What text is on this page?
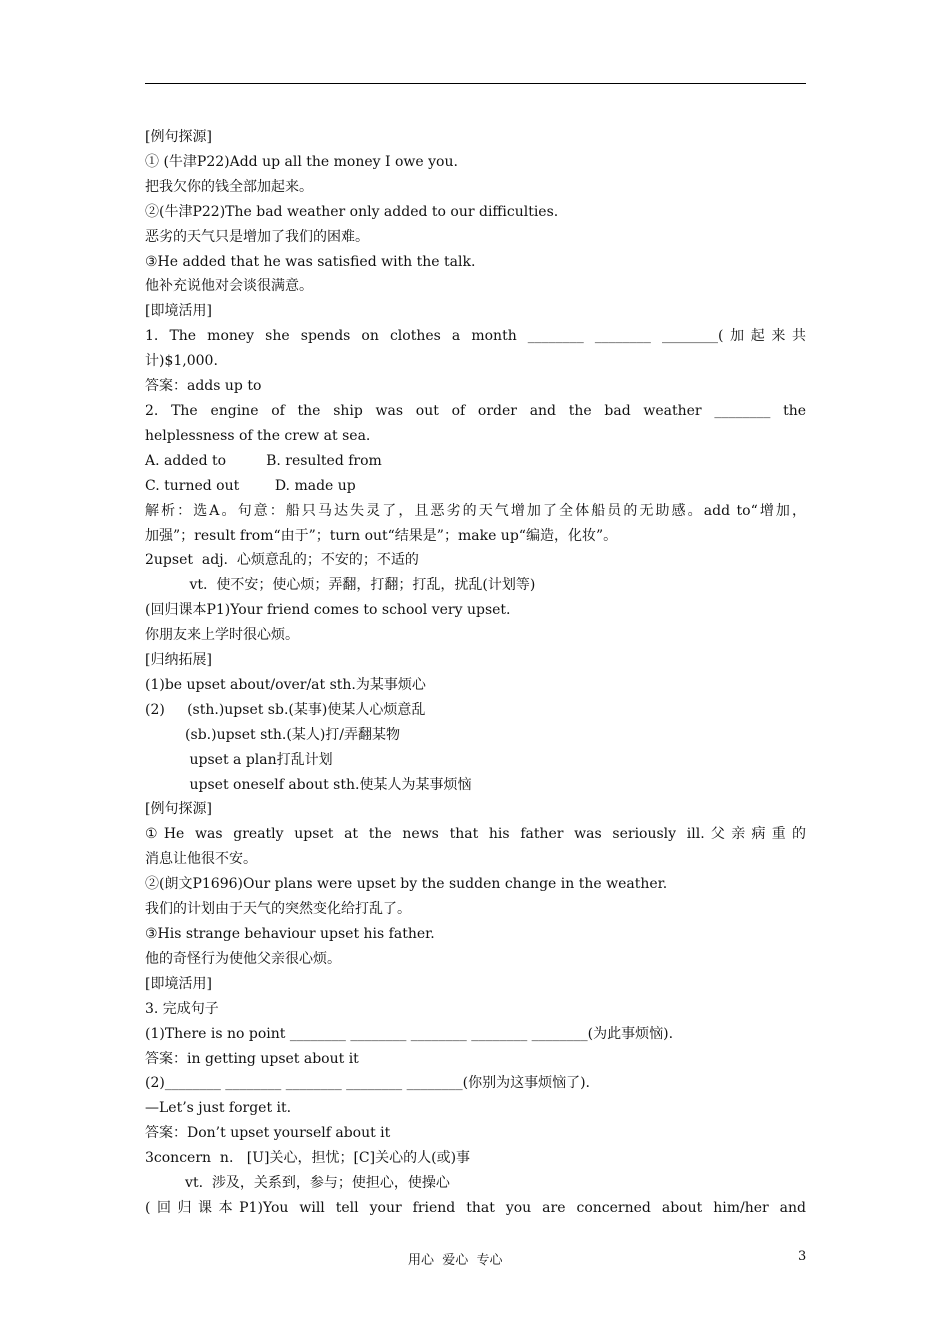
[例句探源]
① (牛津P22)Add up all the money I owe you.
把我欠你的钱全部加起来。
②(牛津P22)The bad weather only added to our difficulties.
恶劣的天气只是增加了我们的困难。
③He added that he was satisfied with the talk.
他补充说他对会谈很满意。
[即境活用]
1. The money she spends on clothes a month ________ ________ ________(加起来共
计)$1,000.
答案：adds up to
2. The engine of the ship was out of order and the bad weather ________ the
helplessness of the crew at sea.
A. added to         B. resulted from
C. turned out        D. made up
解析：选A。句意：船只马达失灵了，且恶劣的天气增加了全体船员的无助感。add to“增加，
加强”；result from“由于”；turn out“结果是”；make up“编造，化妆”。
2upset  adj.  心烦意乱的；不安的；不适的
vt.  使不安；使心烦；弄翻，打翻；打乱，扰乱(计划等)
(回归课本P1)Your friend comes to school very upset.
你朋友来上学时很心烦。
[归纳拓展]
(1)be upset about/over/at sth.为某事烦心
(2)     (sth.)upset sb.(某事)使某人心烦意乱
(sb.)upset sth.(某人)打/弄翻某物
upset a plan打乱计划
upset oneself about sth.使某人为某事烦恼
[例句探源]
①He was greatly upset at the news that his father was seriously ill.父亲病重的
消息让他很不安。
②(朗文P1696)Our plans were upset by the sudden change in the weather.
我们的计划由于天气的突然变化给打乱了。
③His strange behaviour upset his father.
他的奇怪行为使他父亲很心烦。
[即境活用]
3. 完成句子
(1)There is no point ________ ________ ________ ________ ________(为此事烦恼).
答案：in getting upset about it
(2)________ ________ ________ ________ ________(你别为这事烦恼了).
—Let’s just forget it.
答案：Don’t upset yourself about it
3concern  n.   [U]关心，担忧；[C]关心的人(或)事
vt.  涉及，关系到，参与；使担心，使操心
(回归课本P1)You will tell your friend that you are concerned about him/her and
用心  爱心  专心	3
